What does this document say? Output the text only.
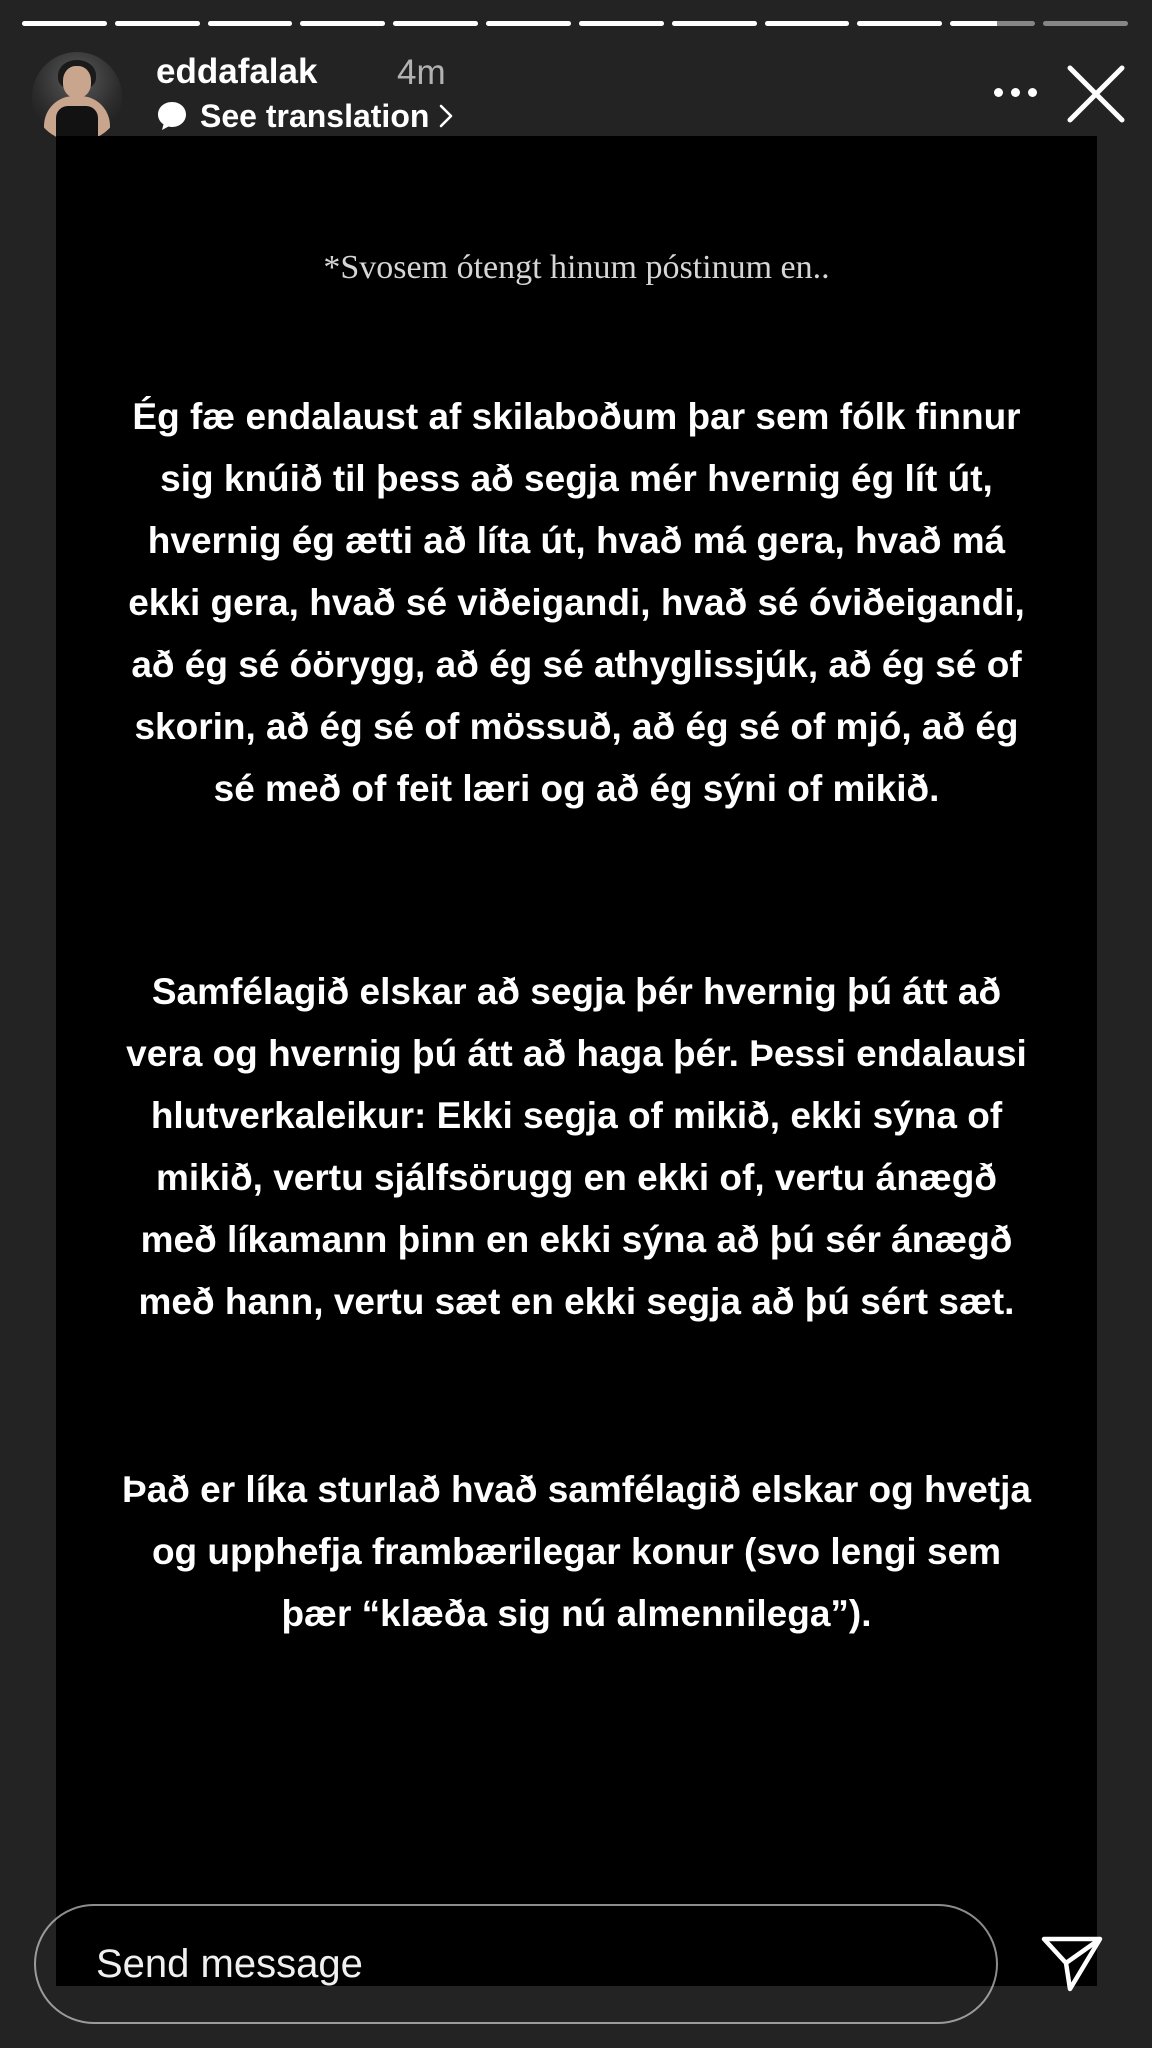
eddafalak 4m
See translation

*Svosem ótengt hinum póstinum en..

Ég fæ endalaust af skilaboðum þar sem fólk finnur sig knúið til þess að segja mér hvernig ég lít út, hvernig ég ætti að líta út, hvað má gera, hvað má ekki gera, hvað sé viðeigandi, hvað sé óviðeigandi, að ég sé óörygg, að ég sé athyglissjúk, að ég sé of skorin, að ég sé of mössuð, að ég sé of mjó, að ég sé með of feit læri og að ég sýni of mikið.

Samfélagið elskar að segja þér hvernig þú átt að vera og hvernig þú átt að haga þér. Þessi endalausi hlutverkaleikur: Ekki segja of mikið, ekki sýna of mikið, vertu sjálfsörugg en ekki of, vertu ánægð með líkamann þinn en ekki sýna að þú sér ánægð með hann, vertu sæt en ekki segja að þú sért sæt.

Það er líka sturlað hvað samfélagið elskar og hvetja og upphefja frambærilegar konur (svo lengi sem þær “klæða sig nú almennilega”).

Send message
